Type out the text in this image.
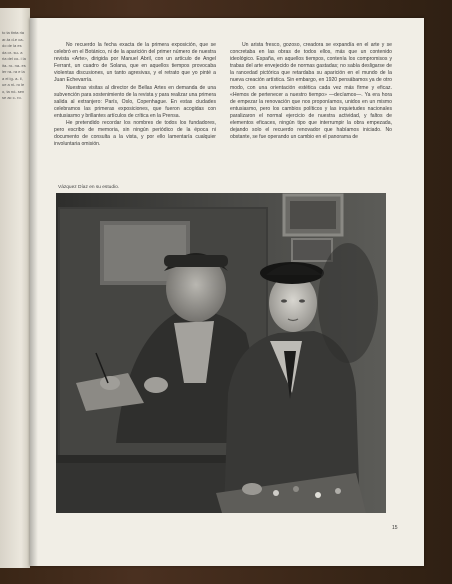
to ta tinta ria ar-ta d-e ca- do de la es da or- su- a ria del co- i la ita- ro- na- es ler ra- ra e la a el ig- a- il, ue a ni- ro le o, ta nó- sen se ac c- ro.

No recuerdo la fecha exacta de la primera exposición, que se celebró en el Botánico, ni de la aparición del primer número de nuestra revista «Arte», dirigida por Manuel Abril, con un artículo de Angel Ferrant, un cuadro de Solana, que en aquellos tiempos provocaba violentas discusiones, un tanto agresivas, y el retrato que yo pinté a Juan Echevarría.

Nuestras visitas al director de Bellas Artes en demanda de una subvención para sostenimiento de la revista y para realizar una primera salida al extranjero: París, Oslo, Copenhague. En estas ciudades celebramos las primeras exposiciones, que fueron acogidas con entusiasmo y brillantes artículos de crítica en la Prensa.

He pretendido recordar los nombres de todos los fundadores, pero escribo de memoria, sin ningún periódico de la época ni documento de consulta a la vista, y por ello lamentaría cualquier involuntaria omisión.

Un arista fresco, gozoso, creadora se expandía en el arte y se concretaba en las obras de todos ellos, más que un contenido ideológico. España, en aquellos tiempos, contenía los compromisos y trabas del arte envejecido de normas gastadas; no sabía desligarse de la rancedad pictórica que retardaba su aparición en el mundo de la nueva creación artística. Sin embargo, en 1920 pensábamos ya de otro modo, con una orientación estética cada vez más firme y eficaz. «Hemos de pertenecer a nuestro tiempo» —decíamos—. Ya era hora de empezar la renovación que nos proponíamos, unidos en un mismo entusiasmo, pero los cambios políticos y las inquietudes nacionales paralizaron el normal ejercicio de nuestra actividad, y faltos de elementos eficaces, ningún tipo que interrumpir la obra empezada, dejando solo el recuerdo renovador que habíamos iniciado. No obstante, se fue operando un cambio en el panorama de

Vázquez Díaz en su estudio.
15
